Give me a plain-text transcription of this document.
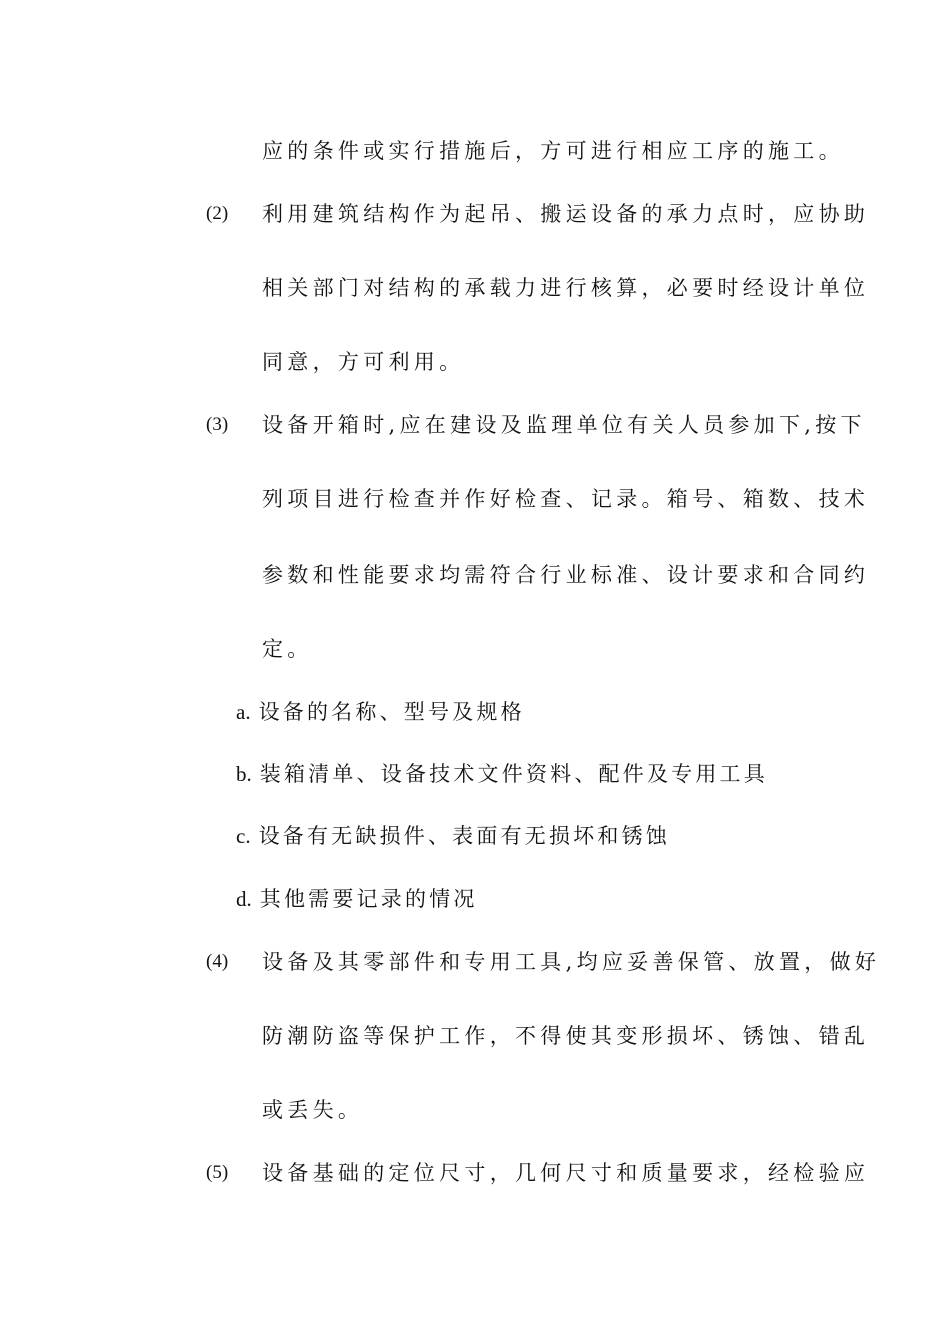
应的条件或实行措施后，方可进行相应工序的施工。
(2) 利用建筑结构作为起吊、搬运设备的承力点时，应协助
相关部门对结构的承载力进行核算，必要时经设计单位
同意，方可利用。
(3) 设备开箱时,应在建设及监理单位有关人员参加下,按下
列项目进行检查并作好检查、记录。箱号、箱数、技术
参数和性能要求均需符合行业标准、设计要求和合同约
定。
a. 设备的名称、型号及规格
b. 装箱清单、设备技术文件资料、配件及专用工具
c. 设备有无缺损件、表面有无损坏和锈蚀
d. 其他需要记录的情况
(4) 设备及其零部件和专用工具,均应妥善保管、放置，做好
防潮防盗等保护工作，不得使其变形损坏、锈蚀、错乱
或丢失。
(5) 设备基础的定位尺寸，几何尺寸和质量要求，经检验应
